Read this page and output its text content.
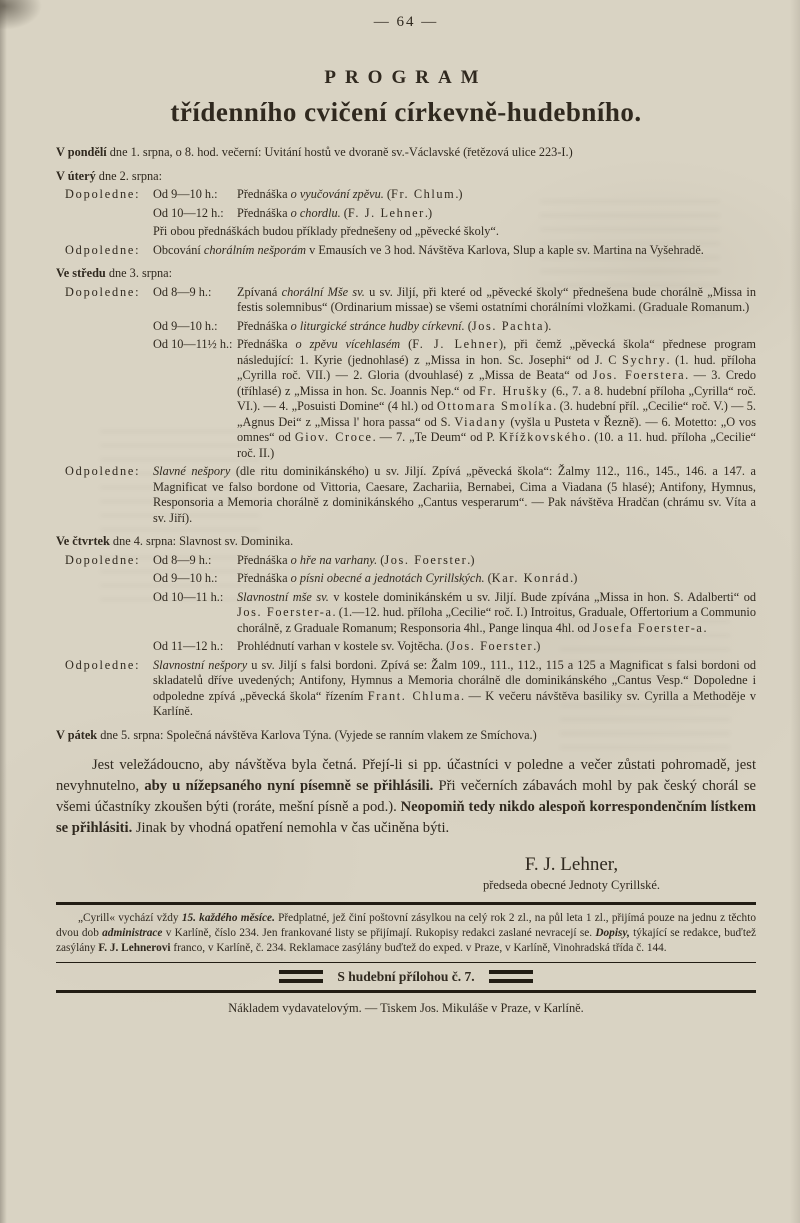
— 64 —
PROGRAM
třídenního cvičení církevně-hudebního.
V pondělí dne 1. srpna, o 8. hod. večerní: Uvitání hostů ve dvoraně sv.-Václavské (řetězová ulice 223-I.)
V úterý dne 2. srpna:
Dopoledne:	Od 9—10 h.:	Přednáška o vyučování zpěvu. (Fr. Chlum.)
Od 10—12 h.:	Přednáška o chordlu. (F. J. Lehner.)
Při obou přednáškách budou příklady přednešeny od „pěvecké školy“.
Odpoledne:	Obcování chorálním nešporám v Emausích ve 3 hod. Návštěva Karlova, Slup a kaple sv. Martina na Vyšehradě.
Ve středu dne 3. srpna:
Dopoledne:	Od 8—9 h.:	Zpívaná chorální Mše sv. u sv. Jiljí, při které od „pěvecké školy“ přednešena bude chorálně „Missa in festis solemnibus“ (Ordinarium missae) se všemi ostatními chorálními vložkami. (Graduale Romanum.)
Od 9—10 h.:	Přednáška o liturgické stránce hudby církevní. (Jos. Pachta).
Od 10—11½ h.: Přednáška o zpěvu vícehlasém (F. J. Lehner), při čemž „pěvecká škola“ přednese program následující: 1. Kyrie (jednohlasé) z „Missa in hon. Sc. Josephi“ od J. C Sychry. (1. hud. příloha „Cyrilla roč. VII.) — 2. Gloria (dvouhlasé) z „Missa de Beata“ od Jos. Foerstera. — 3. Credo (tříhlasé) z „Missa in hon. Sc. Joannis Nep.“ od Fr. Hrušky (6., 7. a 8. hudební příloha „Cyrilla“ roč. VI.). — 4. „Posuisti Domine“ (4 hl.) od Ottomara Smolíka. (3. hudební příl. „Cecilie“ roč. V.) — 5. „Agnus Dei“ z „Missa l' hora passa“ od S. Viadany (vyšla u Pusteta v Řezně). — 6. Motetto: „O vos omnes“ od Giov. Croce. — 7. „Te Deum“ od P. Křížkovského. (10. a 11. hud. příloha „Cecilie“ roč. II.)
Odpoledne:	Slavné nešpory (dle ritu dominikánského) u sv. Jiljí. Zpívá „pěvecká škola“: Žalmy 112., 116., 145., 146. a 147. a Magnificat ve falso bordone od Vittoria, Caesare, Zachariia, Bernabei, Cima a Viadana (5 hlasé); Antifony, Hymnus, Responsoria a Memoria chorálně z dominikánského „Cantus vesperarum“. — Pak návštěva Hradčan (chrámu sv. Víta a sv. Jiří).
Ve čtvrtek dne 4. srpna: Slavnost sv. Dominika.
Dopoledne:	Od 8—9 h.:	Přednáška o hře na varhany. (Jos. Foerster.)
Od 9—10 h.:	Přednáška o písni obecné a jednotách Cyrillských. (Kar. Konrád.)
Od 10—11 h.:	Slavnostní mše sv. v kostele dominikánském u sv. Jiljí. Bude zpívána „Missa in hon. S. Adalberti“ od Jos. Foerster-a. (1.—12. hud. příloha „Cecilie“ roč. I.) Introitus, Graduale, Offertorium a Communio chorálně, z Graduale Romanum; Responsoria 4hl., Pange linqua 4hl. od Josefa Foerster-a.
Od 11—12 h.:	Prohlédnutí varhan v kostele sv. Vojtěcha. (Jos. Foerster.)
Odpoledne:	Slavnostní nešpory u sv. Jiljí s falsi bordoni. Zpívá se: Žalm 109., 111., 112., 115 a 125 a Magnificat s falsi bordoni od skladatelů dříve uvedených; Antifony, Hymnus a Memoria chorálně dle dominikánského „Cantus Vesp.“ Dopoledne i odpoledne zpívá „pěvecká škola“ řízením Frant. Chluma. — K večeru návštěva basiliky sv. Cyrilla a Methoděje v Karlíně.
V pátek dne 5. srpna: Společná návštěva Karlova Týna. (Vyjede se ranním vlakem ze Smíchova.)

Jest veležádoucno, aby návštěva byla četná. Přejí-li si pp. účastníci v poledne a večer zůstati pohromadě, jest nevyhnutelno, aby u nížepsaného nyní písemně se přihlásili. Při večerních zábavách mohl by pak český chorál se všemi účastníky zkoušen býti (roráte, mešní písně a pod.). Neopomiň tedy nikdo alespoň korrespondenčním lístkem se přihlásiti. Jinak by vhodná opatření nemohla v čas učiněna býti.

F. J. Lehner,
předseda obecné Jednoty Cyrillské.
„Cyrill« vychází vždy 15. každého měsíce. Předplatné, jež činí poštovní zásylkou na celý rok 2 zl., na půl leta 1 zl., přijímá pouze na jednu z těchto dvou dob administrace v Karlíně, číslo 234. Jen frankované listy se přijímají. Rukopisy redakci zaslané nevracejí se. Dopisy, týkající se redakce, buďtež zasýlány F. J. Lehnerovi franco, v Karlíně, č. 234. Reklamace zasýlány buďtež do exped. v Praze, v Karlíně, Vinohradská třída č. 144.
S hudební přílohou č. 7.
Nákladem vydavatelovým. — Tiskem Jos. Mikuláše v Praze, v Karlíně.
